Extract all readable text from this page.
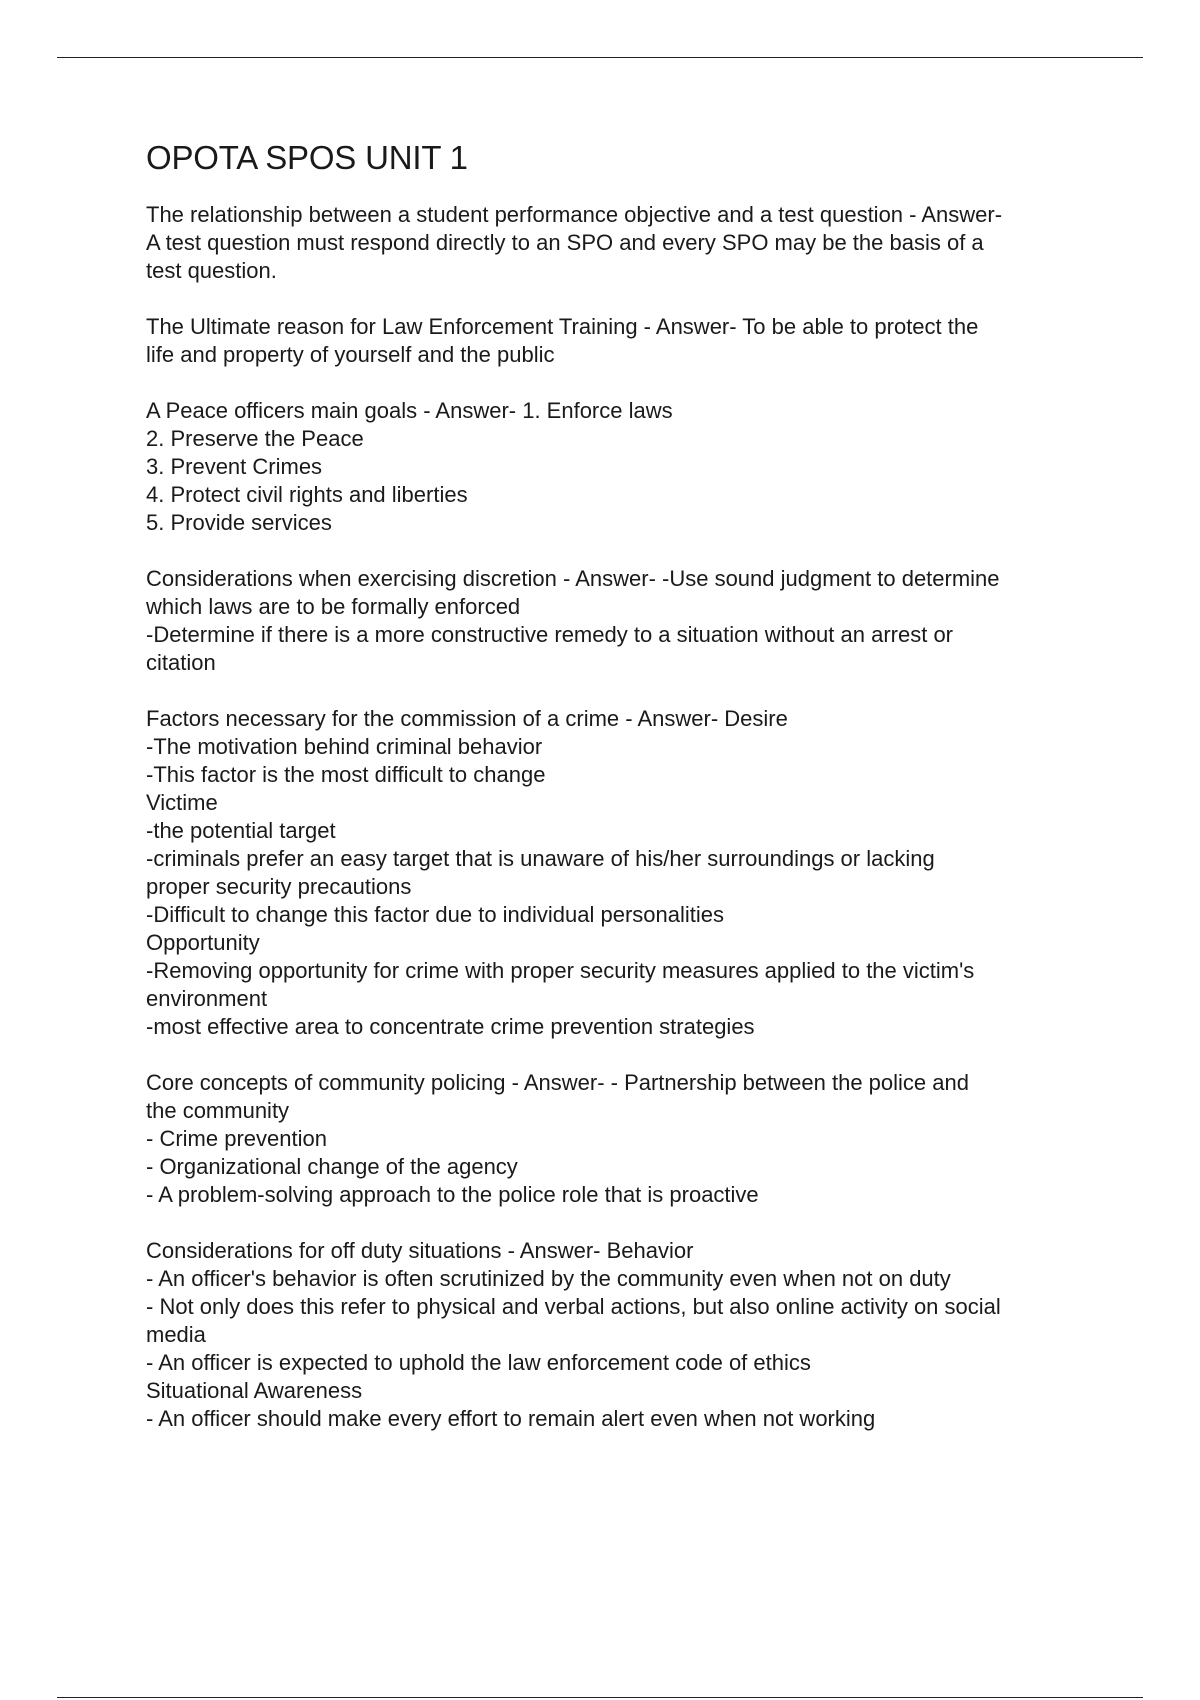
OPOTA SPOS UNIT 1
The relationship between a student performance objective and a test question - Answer-
A test question must respond directly to an SPO and every SPO may be the basis of a
test question.
The Ultimate reason for Law Enforcement Training - Answer- To be able to protect the
life and property of yourself and the public
A Peace officers main goals - Answer- 1. Enforce laws
2. Preserve the Peace
3. Prevent Crimes
4. Protect civil rights and liberties
5. Provide services
Considerations when exercising discretion - Answer- -Use sound judgment to determine
which laws are to be formally enforced
-Determine if there is a more constructive remedy to a situation without an arrest or
citation
Factors necessary for the commission of a crime - Answer- Desire
-The motivation behind criminal behavior
-This factor is the most difficult to change
Victime
-the potential target
-criminals prefer an easy target that is unaware of his/her surroundings or lacking
proper security precautions
-Difficult to change this factor due to individual personalities
Opportunity
-Removing opportunity for crime with proper security measures applied to the victim's
environment
-most effective area to concentrate crime prevention strategies
Core concepts of community policing - Answer- - Partnership between the police and
the community
- Crime prevention
- Organizational change of the agency
- A problem-solving approach to the police role that is proactive
Considerations for off duty situations - Answer- Behavior
- An officer's behavior is often scrutinized by the community even when not on duty
- Not only does this refer to physical and verbal actions, but also online activity on social
media
- An officer is expected to uphold the law enforcement code of ethics
Situational Awareness
- An officer should make every effort to remain alert even when not working
